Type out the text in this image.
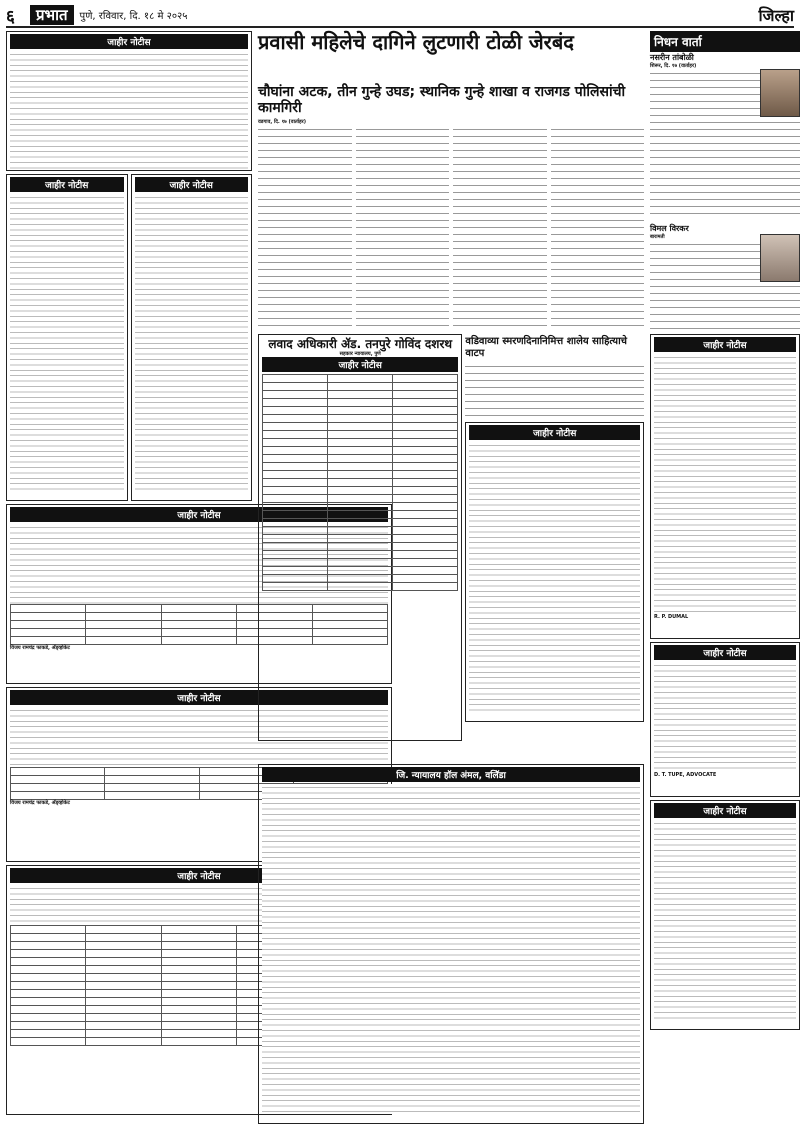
६	प्रभात	पुणे, रविवार, दि. १८ मे २०२५	जिल्हा
प्रवासी महिलेचे दागिने लुटणारी टोळी जेरबंद
जाहीर नोटीस
जाहीर नोटीस	जाहीर नोटीस
जाहीर नोटीस

विजय रामचंद्र फाकडे, अ‍ॅड्व्होकेट
जाहीर नोटीस

विजय रामचंद्र फाकडे, अ‍ॅड्व्होकेट
जाहीर नोटीस

चौघांना अटक, तीन गुन्हे उघड; स्थानिक गुन्हे शाखा व राजगड पोलिसांची कामगिरी
वडगाव, दि. १७ (वार्ताहर)
लवाद अधिकारी ॲड. तनपुरे गोविंद दशरथ
सहकार न्यायालय, पुणे
जाहीर नोटीस

वडिवाव्या स्मरणदिनानिमित्त शालेय साहित्याचे वाटप
जाहीर नोटीस
जि. न्यायालय हॉल अंमल, वलॅिडा
निधन वार्ता
नसरीन तांबोळी
शिरूर, दि. १७ (वार्ताहर)
विमल विरकर
बारामती
जाहीर नोटीस
R. P. DUMAL
जाहीर नोटीस
D. T. TUPE, ADVOCATE
जाहीर नोटीस
